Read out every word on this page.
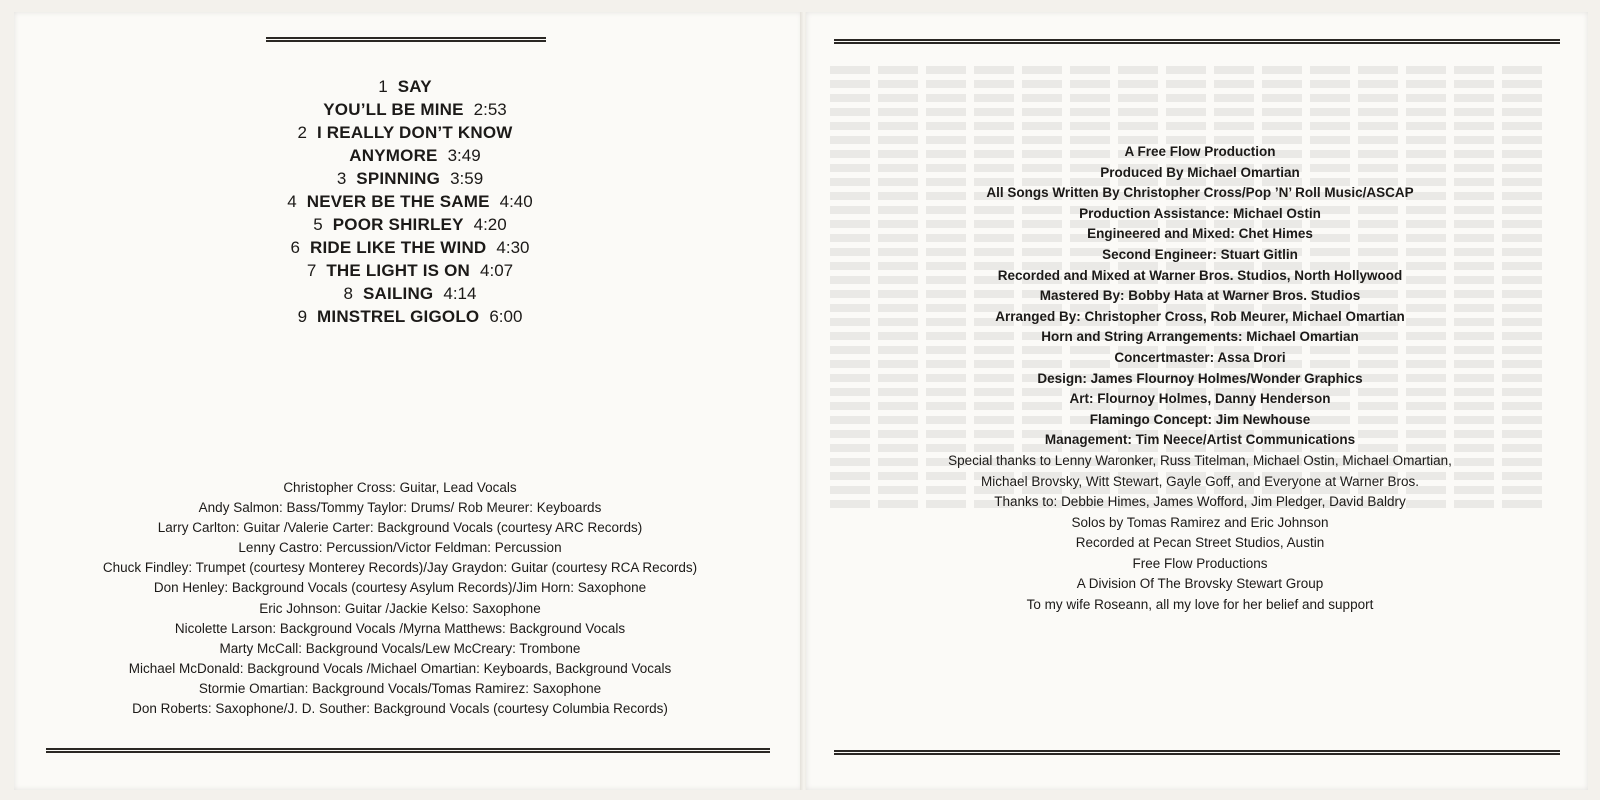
1 SAY
YOU’LL BE MINE 2:53
2 I REALLY DON’T KNOW
ANYMORE 3:49
3 SPINNING 3:59
4 NEVER BE THE SAME 4:40
5 POOR SHIRLEY 4:20
6 RIDE LIKE THE WIND 4:30
7 THE LIGHT IS ON 4:07
8 SAILING 4:14
9 MINSTREL GIGOLO 6:00
Christopher Cross: Guitar, Lead Vocals
Andy Salmon: Bass/Tommy Taylor: Drums/ Rob Meurer: Keyboards
Larry Carlton: Guitar /Valerie Carter: Background Vocals (courtesy ARC Records)
Lenny Castro: Percussion/Victor Feldman: Percussion
Chuck Findley: Trumpet (courtesy Monterey Records)/Jay Graydon: Guitar (courtesy RCA Records)
Don Henley: Background Vocals (courtesy Asylum Records)/Jim Horn: Saxophone
Eric Johnson: Guitar /Jackie Kelso: Saxophone
Nicolette Larson: Background Vocals /Myrna Matthews: Background Vocals
Marty McCall: Background Vocals/Lew McCreary: Trombone
Michael McDonald: Background Vocals /Michael Omartian: Keyboards, Background Vocals
Stormie Omartian: Background Vocals/Tomas Ramirez: Saxophone
Don Roberts: Saxophone/J. D. Souther: Background Vocals (courtesy Columbia Records)
A Free Flow Production
Produced By Michael Omartian
All Songs Written By Christopher Cross/Pop ’N’ Roll Music/ASCAP
Production Assistance: Michael Ostin
Engineered and Mixed: Chet Himes
Second Engineer: Stuart Gitlin
Recorded and Mixed at Warner Bros. Studios, North Hollywood
Mastered By: Bobby Hata at Warner Bros. Studios
Arranged By: Christopher Cross, Rob Meurer, Michael Omartian
Horn and String Arrangements: Michael Omartian
Concertmaster: Assa Drori
Design: James Flournoy Holmes/Wonder Graphics
Art: Flournoy Holmes, Danny Henderson
Flamingo Concept: Jim Newhouse
Management: Tim Neece/Artist Communications
Special thanks to Lenny Waronker, Russ Titelman, Michael Ostin, Michael Omartian,
Michael Brovsky, Witt Stewart, Gayle Goff, and Everyone at Warner Bros.
Thanks to: Debbie Himes, James Wofford, Jim Pledger, David Baldry
Solos by Tomas Ramirez and Eric Johnson
Recorded at Pecan Street Studios, Austin
Free Flow Productions
A Division Of The Brovsky Stewart Group
To my wife Roseann, all my love for her belief and support
